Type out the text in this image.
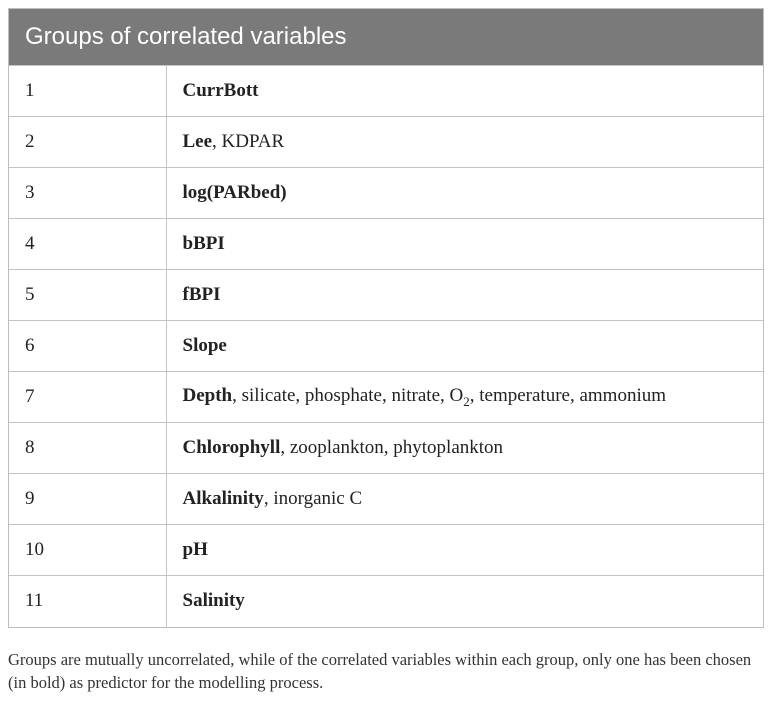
Groups of correlated variables
1	CurrBott
2	Lee, KDPAR
3	log(PARbed)
4	bBPI
5	fBPI
6	Slope
7	Depth, silicate, phosphate, nitrate, $O_2$, temperature, ammonium
8	Chlorophyll, zooplankton, phytoplankton
9	Alkalinity, inorganic C
10	pH
11	Salinity

Groups are mutually uncorrelated, while of the correlated variables within each group, only one has been chosen (in bold) as predictor for the modelling process.
